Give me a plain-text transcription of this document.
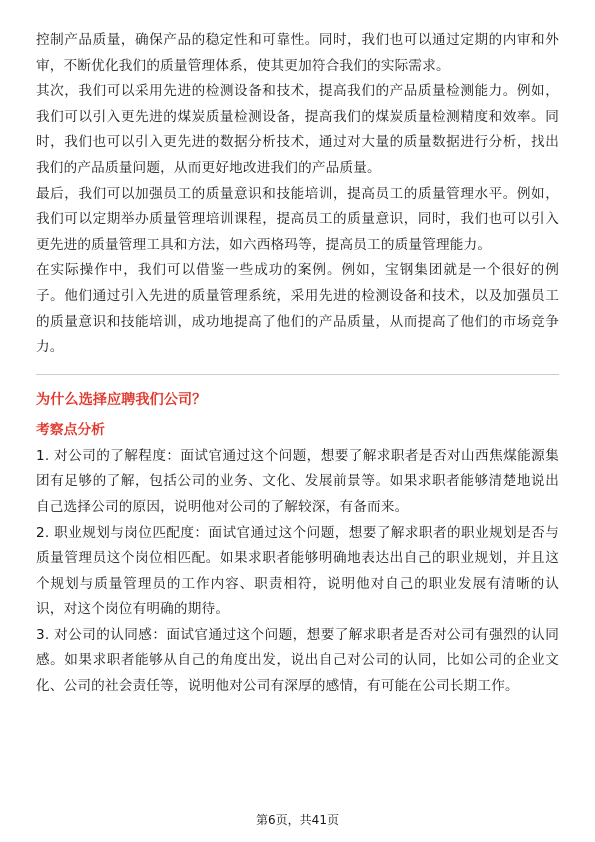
控制产品质量，确保产品的稳定性和可靠性。同时，我们也可以通过定期的内审和外审，不断优化我们的质量管理体系，使其更加符合我们的实际需求。

其次，我们可以采用先进的检测设备和技术，提高我们的产品质量检测能力。例如，我们可以引入更先进的煤炭质量检测设备，提高我们的煤炭质量检测精度和效率。同时，我们也可以引入更先进的数据分析技术，通过对大量的质量数据进行分析，找出我们的产品质量问题，从而更好地改进我们的产品质量。

最后，我们可以加强员工的质量意识和技能培训，提高员工的质量管理水平。例如，我们可以定期举办质量管理培训课程，提高员工的质量意识，同时，我们也可以引入更先进的质量管理工具和方法，如六西格玛等，提高员工的质量管理能力。

在实际操作中，我们可以借鉴一些成功的案例。例如，宝钢集团就是一个很好的例子。他们通过引入先进的质量管理系统，采用先进的检测设备和技术，以及加强员工的质量意识和技能培训，成功地提高了他们的产品质量，从而提高了他们的市场竞争力。

为什么选择应聘我们公司？

考察点分析

1. 对公司的了解程度：面试官通过这个问题，想要了解求职者是否对山西焦煤能源集团有足够的了解，包括公司的业务、文化、发展前景等。如果求职者能够清楚地说出自己选择公司的原因，说明他对公司的了解较深，有备而来。

2. 职业规划与岗位匹配度：面试官通过这个问题，想要了解求职者的职业规划是否与质量管理员这个岗位相匹配。如果求职者能够明确地表达出自己的职业规划，并且这个规划与质量管理员的工作内容、职责相符，说明他对自己的职业发展有清晰的认识，对这个岗位有明确的期待。

3. 对公司的认同感：面试官通过这个问题，想要了解求职者是否对公司有强烈的认同感。如果求职者能够从自己的角度出发，说出自己对公司的认同，比如公司的企业文化、公司的社会责任等，说明他对公司有深厚的感情，有可能在公司长期工作。

第6页，共41页
